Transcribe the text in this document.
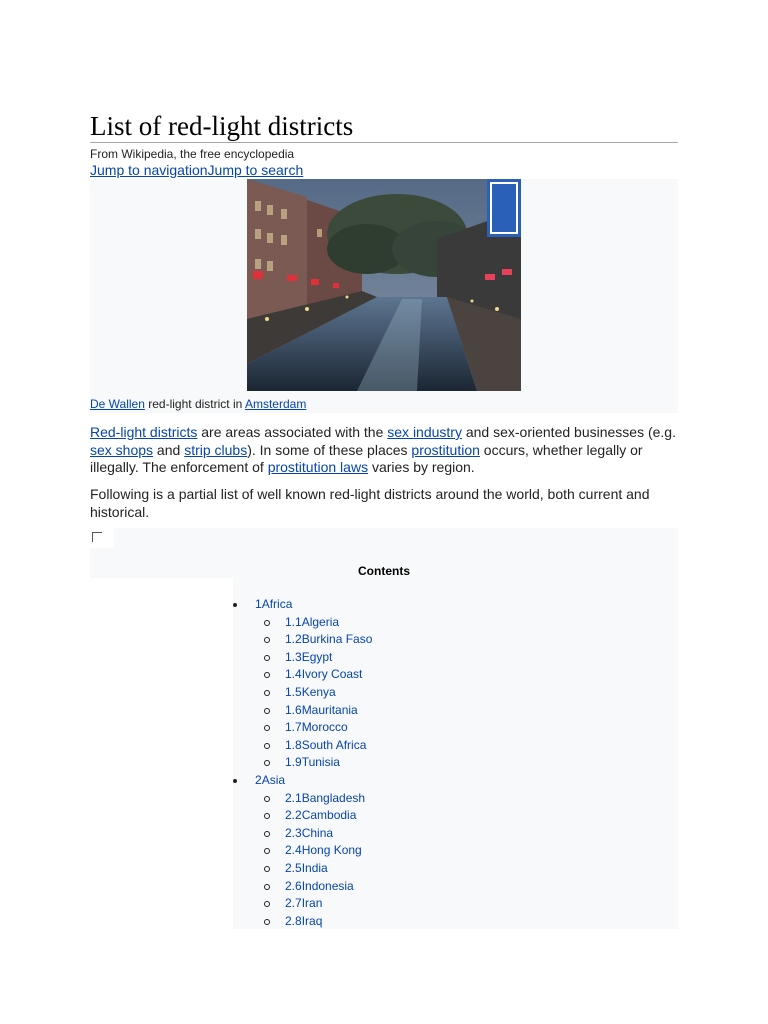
List of red-light districts
From Wikipedia, the free encyclopedia
Jump to navigationJump to search
De Wallen red-light district in Amsterdam

Red-light districts are areas associated with the sex industry and sex-oriented businesses (e.g. sex shops and strip clubs). In some of these places prostitution occurs, whether legally or illegally. The enforcement of prostitution laws varies by region.

Following is a partial list of well known red-light districts around the world, both current and historical.

Contents
1Africa
1.1Algeria
1.2Burkina Faso
1.3Egypt
1.4Ivory Coast
1.5Kenya
1.6Mauritania
1.7Morocco
1.8South Africa
1.9Tunisia
2Asia
2.1Bangladesh
2.2Cambodia
2.3China
2.4Hong Kong
2.5India
2.6Indonesia
2.7Iran
2.8Iraq
